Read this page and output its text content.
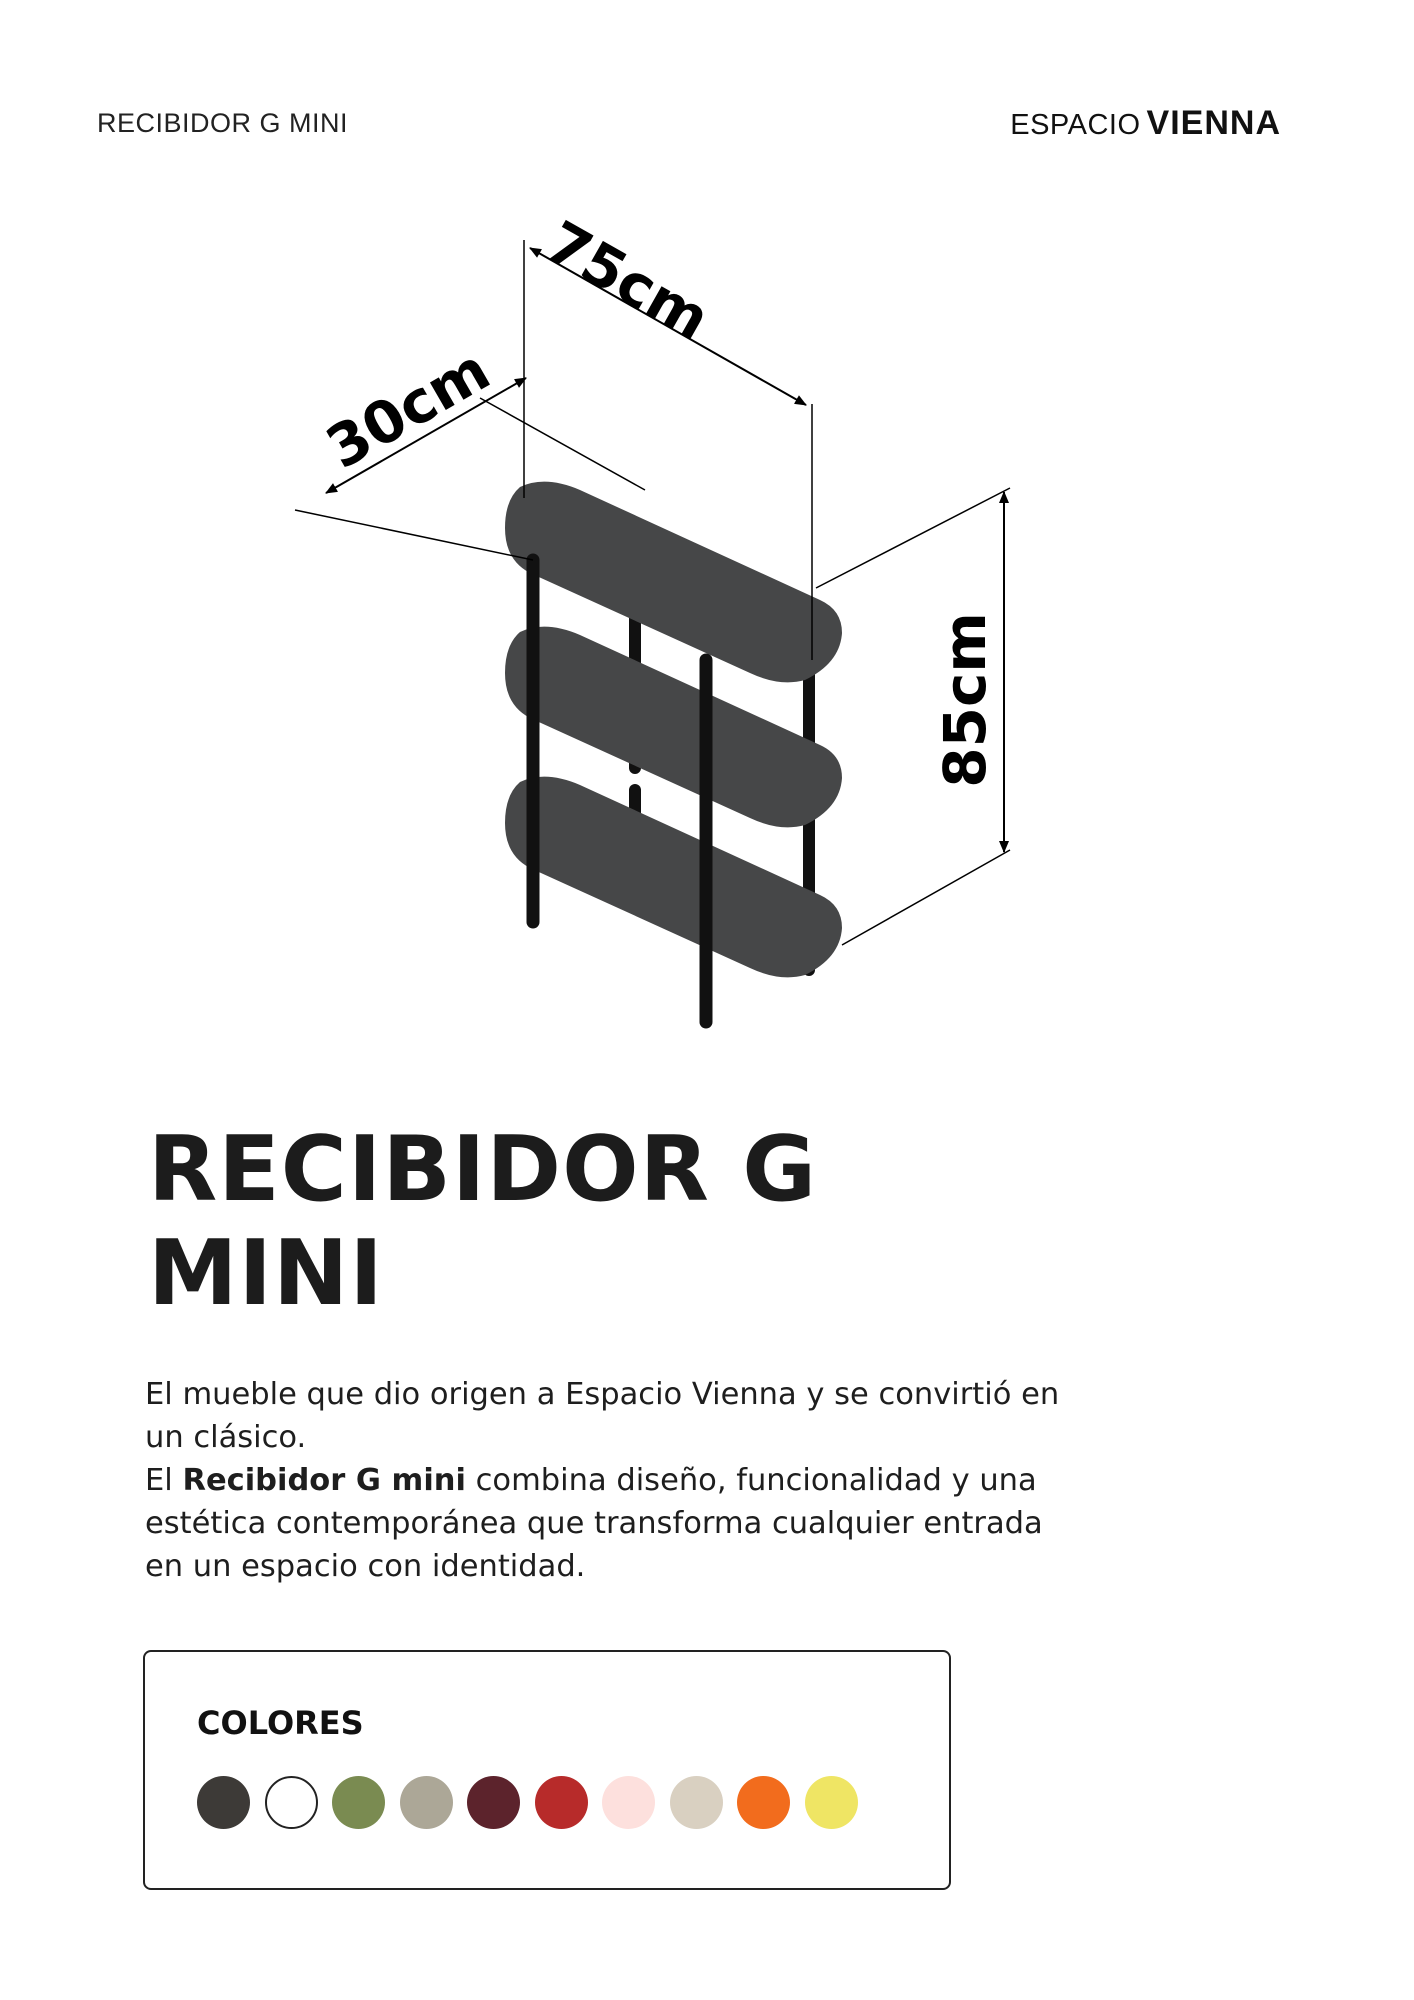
RECIBIDOR G MINI	ESPACIO VIENNA
75cm
30cm
85cm
RECIBIDOR G
MINI

El mueble que dio origen a Espacio Vienna y se convirtió en un clásico.

El Recibidor G mini combina diseño, funcionalidad y una estética contemporánea que transforma cualquier entrada en un espacio con identidad.

COLORES
